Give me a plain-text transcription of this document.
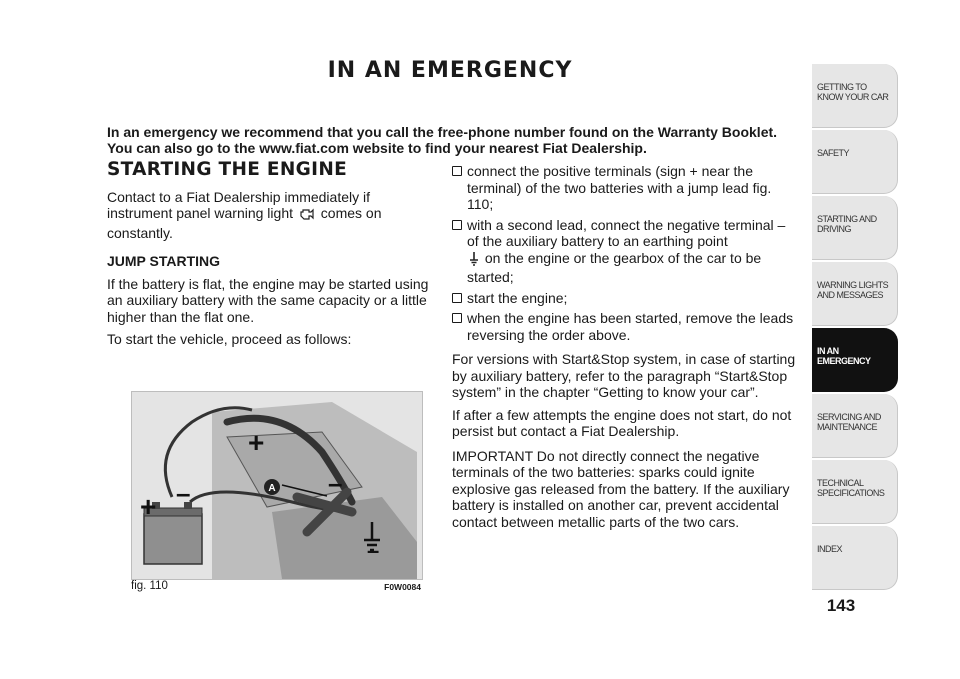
IN AN EMERGENCY
In an emergency we recommend that you call the free-phone number found on the Warranty Booklet. You can also go to the www.fiat.com website to find your nearest Fiat Dealership.
STARTING THE ENGINE

Contact to a Fiat Dealership immediately if instrument panel warning light comes on constantly.

JUMP STARTING

If the battery is flat, the engine may be started using an auxiliary battery with the same capacity or a little higher than the flat one.

To start the vehicle, proceed as follows:

connect the positive terminals (sign + near the terminal) of the two batteries with a jump lead fig. 110;
with a second lead, connect the negative terminal – of the auxiliary battery to an earthing point
on the engine or the gearbox of the car to be started;
start the engine;
when the engine has been started, remove the leads reversing the order above.

For versions with Start&Stop system, in case of starting by auxiliary battery, refer to the paragraph “Start&Stop system” in the chapter “Getting to know your car”.

If after a few attempts the engine does not start, do not persist but contact a Fiat Dealership.

IMPORTANT Do not directly connect the negative terminals of the two batteries: sparks could ignite explosive gas released from the battery. If the auxiliary battery is installed on another car, prevent accidental contact between metallic parts of the two cars.

A
+
+ –	–
–
fig. 110	F0W0084
GETTING TO KNOW YOUR CAR
SAFETY
STARTING AND DRIVING
WARNING LIGHTS AND MESSAGES
IN AN EMERGENCY
SERVICING AND MAINTENANCE
TECHNICAL SPECIFICATIONS
INDEX
143
